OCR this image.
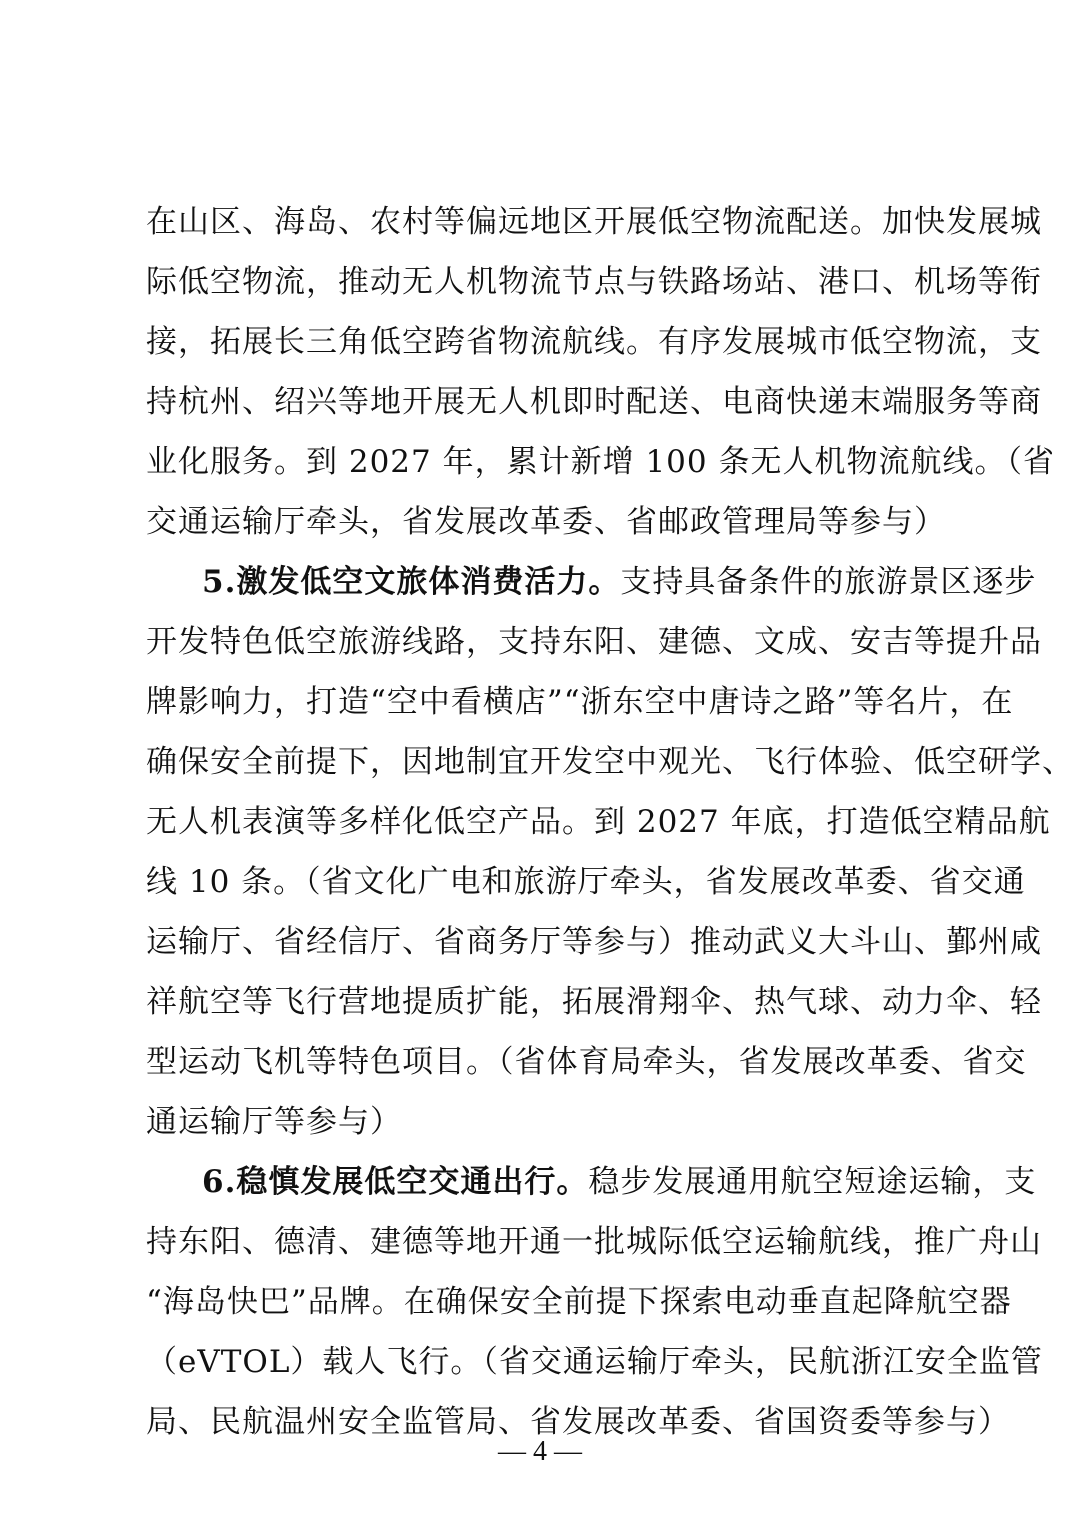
在山区、海岛、农村等偏远地区开展低空物流配送。加快发展城
际低空物流，推动无人机物流节点与铁路场站、港口、机场等衔
接，拓展长三角低空跨省物流航线。有序发展城市低空物流，支
持杭州、绍兴等地开展无人机即时配送、电商快递末端服务等商
业化服务。到 2027 年，累计新增 100 条无人机物流航线。（省
交通运输厅牵头，省发展改革委、省邮政管理局等参与）
5.激发低空文旅体消费活力。支持具备条件的旅游景区逐步
开发特色低空旅游线路，支持东阳、建德、文成、安吉等提升品
牌影响力，打造“空中看横店”“浙东空中唐诗之路”等名片，在
确保安全前提下，因地制宜开发空中观光、飞行体验、低空研学、
无人机表演等多样化低空产品。到 2027 年底，打造低空精品航
线 10 条。（省文化广电和旅游厅牵头，省发展改革委、省交通
运输厅、省经信厅、省商务厅等参与）推动武义大斗山、鄞州咸
祥航空等飞行营地提质扩能，拓展滑翔伞、热气球、动力伞、轻
型运动飞机等特色项目。（省体育局牵头，省发展改革委、省交
通运输厅等参与）
6.稳慎发展低空交通出行。稳步发展通用航空短途运输，支
持东阳、德清、建德等地开通一批城际低空运输航线，推广舟山
“海岛快巴”品牌。在确保安全前提下探索电动垂直起降航空器
（eVTOL）载人飞行。（省交通运输厅牵头，民航浙江安全监管
局、民航温州安全监管局、省发展改革委、省国资委等参与）
— 4 —
